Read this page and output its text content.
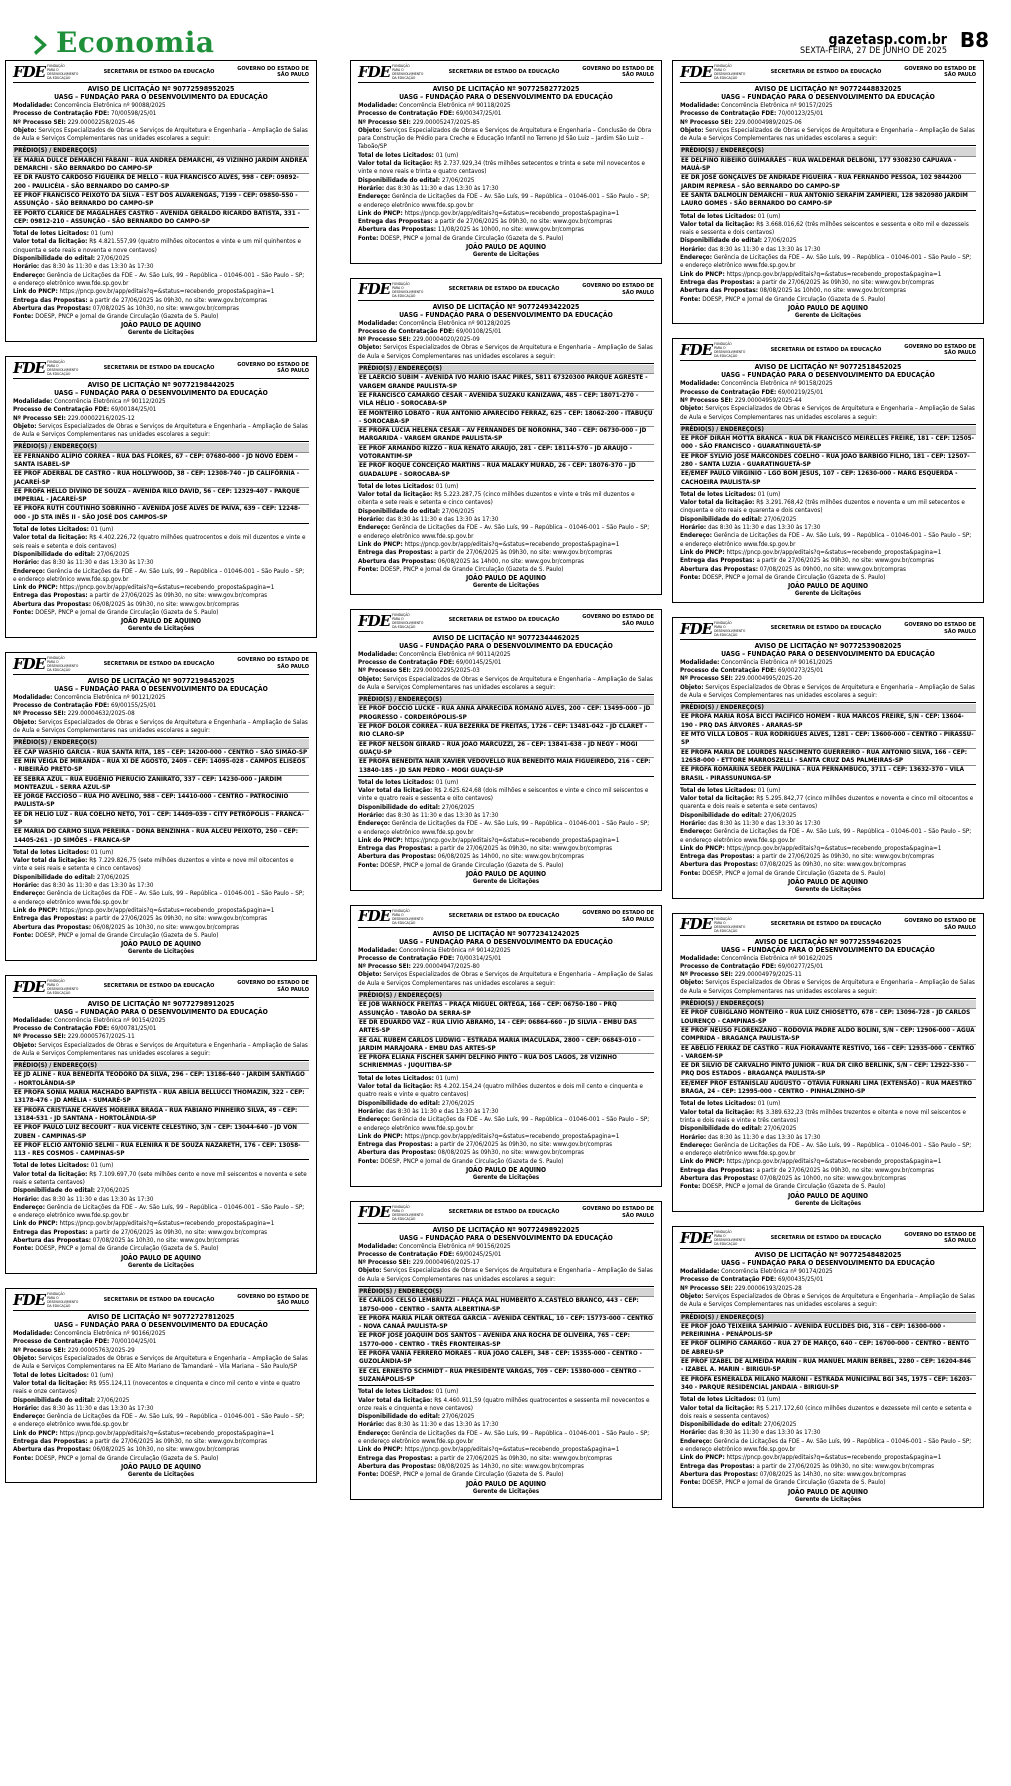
Economia	gazetasp.com.br
SEXTA-FEIRA, 27 DE JUNHO DE 2025 B8
FDE FUNDAÇÃO PARA O DESENVOLVIMENTO DA EDUCAÇÃO
SECRETARIA DE ESTADO DA EDUCAÇÃO
GOVERNO DO ESTADO DE SÃO PAULO
AVISO DE LICITAÇÃO Nº 90772598952025
UASG – FUNDAÇÃO PARA O DESENVOLVIMENTO DA EDUCAÇÃO
Modalidade: Concorrência Eletrônica nº 90088/2025
Processo de Contratação FDE: 70/00598/25/01
Nº Processo SEI: 229.00002258/2025-46
Objeto: Serviços Especializados de Obras e Serviços de Arquitetura e Engenharia – Ampliação de Salas de Aula e Serviços Complementares nas unidades escolares a seguir:
PRÉDIO(S) / ENDEREÇO(S)
EE MARIA DULCE DEMARCHI FABANI - RUA ANDREA DEMARCHI, 49 VIZINHO JARDIM ANDREA DEMARCHI - SÃO BERNARDO DO CAMPO-SP
EE DR FAUSTO CARDOSO FIGUEIRA DE MELLO - RUA FRANCISCO ALVES, 998 - CEP: 09892-200 - PAULICÉIA - SÃO BERNARDO DO CAMPO-SP
EE PROF FRANCISCO PEIXOTO DA SILVA - EST DOS ALVARENGAS, 7199 - CEP: 09850-550 - ASSUNÇÃO - SÃO BERNARDO DO CAMPO-SP
EE PORTO CLARICE DE MAGALHÃES CASTRO - AVENIDA GERALDO RICARDO BATISTA, 331 - CEP: 09812-210 - ASSUNÇÃO - SÃO BERNARDO DO CAMPO-SP
Total de lotes Licitados: 01 (um)
Valor total da licitação: R$ 4.821.557,99 (quatro milhões oitocentos e vinte e um mil quinhentos e cinquenta e sete reais e noventa e nove centavos)
Disponibilidade do edital: 27/06/2025
Horário: das 8:30 às 11:30 e das 13:30 às 17:30
Endereço: Gerência de Licitações da FDE – Av. São Luís, 99 – República – 01046-001 – São Paulo – SP; e endereço eletrônico www.fde.sp.gov.br
Link do PNCP: https://pncp.gov.br/app/editais?q=&status=recebendo_proposta&pagina=1
Entrega das Propostas: a partir de 27/06/2025 às 09h30, no site: www.gov.br/compras
Abertura das Propostas: 07/08/2025 às 10h30, no site: www.gov.br/compras
Fonte: DOESP, PNCP e Jornal de Grande Circulação (Gazeta de S. Paulo)
JOÃO PAULO DE AQUINO
Gerente de Licitações
FDE FUNDAÇÃO PARA O DESENVOLVIMENTO DA EDUCAÇÃO
SECRETARIA DE ESTADO DA EDUCAÇÃO
GOVERNO DO ESTADO DE SÃO PAULO
AVISO DE LICITAÇÃO Nº 90772198442025
UASG – FUNDAÇÃO PARA O DESENVOLVIMENTO DA EDUCAÇÃO
Modalidade: Concorrência Eletrônica nº 90112/2025
Processo de Contratação FDE: 69/00184/25/01
Nº Processo SEI: 229.00002216/2025-12
Objeto: Serviços Especializados de Obras e Serviços de Arquitetura e Engenharia – Ampliação de Salas de Aula e Serviços Complementares nas unidades escolares a seguir:
PRÉDIO(S) / ENDEREÇO(S)
EE FERNANDO ALÍPIO CORREA - RUA DAS FLORES, 67 - CEP: 07680-000 - JD NOVO ÉDEM - SANTA ISABEL-SP
EE PROF ADERBAL DE CASTRO - RUA HOLLYWOOD, 38 - CEP: 12308-740 - JD CALIFÓRNIA - JACAREÍ-SP
EE PROFA HELLO DIVINO DE SOUZA - AVENIDA RILO DAVID, 56 - CEP: 12329-407 - PARQUE IMPERIAL - JACAREÍ-SP
EE PROFA RUTH COUTINHO SOBRINHO - AVENIDA JOSÉ ALVES DE PAIVA, 639 - CEP: 12248-000 - JD STA INÊS II - SÃO JOSÉ DOS CAMPOS-SP
Total de lotes Licitados: 01 (um)
Valor total da licitação: R$ 4.402.226,72 (quatro milhões quatrocentos e dois mil duzentos e vinte e seis reais e setenta e dois centavos)
Disponibilidade do edital: 27/06/2025
Horário: das 8:30 às 11:30 e das 13:30 às 17:30
Endereço: Gerência de Licitações da FDE – Av. São Luís, 99 – República – 01046-001 – São Paulo – SP; e endereço eletrônico www.fde.sp.gov.br
Link do PNCP: https://pncp.gov.br/app/editais?q=&status=recebendo_proposta&pagina=1
Entrega das Propostas: a partir de 27/06/2025 às 09h30, no site: www.gov.br/compras
Abertura das Propostas: 06/08/2025 às 09h30, no site: www.gov.br/compras
Fonte: DOESP, PNCP e Jornal de Grande Circulação (Gazeta de S. Paulo)
JOÃO PAULO DE AQUINO
Gerente de Licitações
FDE FUNDAÇÃO PARA O DESENVOLVIMENTO DA EDUCAÇÃO
SECRETARIA DE ESTADO DA EDUCAÇÃO
GOVERNO DO ESTADO DE SÃO PAULO
AVISO DE LICITAÇÃO Nº 90772198452025
UASG – FUNDAÇÃO PARA O DESENVOLVIMENTO DA EDUCAÇÃO
Modalidade: Concorrência Eletrônica nº 90121/2025
Processo de Contratação FDE: 69/00155/25/01
Nº Processo SEI: 229.00004632/2025-08
Objeto: Serviços Especializados de Obras e Serviços de Arquitetura e Engenharia – Ampliação de Salas de Aula e Serviços Complementares nas unidades escolares a seguir:
PRÉDIO(S) / ENDEREÇO(S)
EE CAP WASHIO GARCIA - RUA SANTA RITA, 185 - CEP: 14200-000 - CENTRO - SÃO SIMÃO-SP
EE MIN VEIGA DE MIRANDA - RUA XI DE AGOSTO, 2409 - CEP: 14095-028 - CAMPOS ELISEOS - RIBEIRÃO PRETO-SP
EE SEBRA AZUL - RUA EUGÊNIO PIERUCIO ZANIRATO, 337 - CEP: 14230-000 - JARDIM MONTEAZUL - SERRA AZUL-SP
EE JORGE FACCIOSO - RUA PIO AVELINO, 988 - CEP: 14410-000 - CENTRO - PATROCÍNIO PAULISTA-SP
EE DR HELIO LUZ - RUA COELHO NETO, 701 - CEP: 14409-039 - CITY PETRÓPOLIS - FRANCA-SP
EE MARIA DO CARMO SILVA PEREIRA - DONA BENZINHA - RUA ALCEU PEIXOTO, 250 - CEP: 14405-261 - JD SIMÕES - FRANCA-SP
Total de lotes Licitados: 01 (um)
Valor total da licitação: R$ 7.229.826,75 (sete milhões duzentos e vinte e nove mil oitocentos e vinte e seis reais e setenta e cinco centavos)
Disponibilidade do edital: 27/06/2025
Horário: das 8:30 às 11:30 e das 13:30 às 17:30
Endereço: Gerência de Licitações da FDE – Av. São Luís, 99 – República – 01046-001 – São Paulo – SP; e endereço eletrônico www.fde.sp.gov.br
Link do PNCP: https://pncp.gov.br/app/editais?q=&status=recebendo_proposta&pagina=1
Entrega das Propostas: a partir de 27/06/2025 às 09h30, no site: www.gov.br/compras
Abertura das Propostas: 06/08/2025 às 10h30, no site: www.gov.br/compras
Fonte: DOESP, PNCP e Jornal de Grande Circulação (Gazeta de S. Paulo)
JOÃO PAULO DE AQUINO
Gerente de Licitações
FDE FUNDAÇÃO PARA O DESENVOLVIMENTO DA EDUCAÇÃO
SECRETARIA DE ESTADO DA EDUCAÇÃO
GOVERNO DO ESTADO DE SÃO PAULO
AVISO DE LICITAÇÃO Nº 90772798912025
UASG – FUNDAÇÃO PARA O DESENVOLVIMENTO DA EDUCAÇÃO
Modalidade: Concorrência Eletrônica nº 90154/2025
Processo de Contratação FDE: 69/00781/25/01
Nº Processo SEI: 229.00005767/2025-11
Objeto: Serviços Especializados de Obras e Serviços de Arquitetura e Engenharia – Ampliação de Salas de Aula e Serviços Complementares nas unidades escolares a seguir:
PRÉDIO(S) / ENDEREÇO(S)
EE JD ALINE - RUA BENEDITA TEODORO DA SILVA, 296 - CEP: 13186-640 - JARDIM SANTIAGO - HORTOLÂNDIA-SP
EE PROFA SONIA MARIA MACHADO BAPTISTA - RUA ABÍLIA BELLUCCI THOMAZIN, 322 - CEP: 13178-476 - JD AMÉLIA - SUMARÉ-SP
EE PROFA CRISTIANE CHAVES MOREIRA BRAGA - RUA FABIANO PINHEIRO SILVA, 49 - CEP: 13184-531 - JD SANTANA - HORTOLÂNDIA-SP
EE PROF PAULO LUIZ BECOURT - RUA VICENTE CELESTINO, 3/N - CEP: 13044-640 - JD VON ZUBEN - CAMPINAS-SP
EE PROF ELCIO ANTONIO SELMI - RUA ELENIRA R DE SOUZA NAZARETH, 176 - CEP: 13058-113 - RES COSMOS - CAMPINAS-SP
Total de lotes Licitados: 01 (um)
Valor total da licitação: R$ 7.109.697,70 (sete milhões cento e nove mil seiscentos e noventa e sete reais e setenta centavos)
Disponibilidade do edital: 27/06/2025
Horário: das 8:30 às 11:30 e das 13:30 às 17:30
Endereço: Gerência de Licitações da FDE – Av. São Luís, 99 – República – 01046-001 – São Paulo – SP; e endereço eletrônico www.fde.sp.gov.br
Link do PNCP: https://pncp.gov.br/app/editais?q=&status=recebendo_proposta&pagina=1
Entrega das Propostas: a partir de 27/06/2025 às 09h30, no site: www.gov.br/compras
Abertura das Propostas: 07/08/2025 às 10h30, no site: www.gov.br/compras
Fonte: DOESP, PNCP e Jornal de Grande Circulação (Gazeta de S. Paulo)
JOÃO PAULO DE AQUINO
Gerente de Licitações
FDE FUNDAÇÃO PARA O DESENVOLVIMENTO DA EDUCAÇÃO
SECRETARIA DE ESTADO DA EDUCAÇÃO
GOVERNO DO ESTADO DE SÃO PAULO
AVISO DE LICITAÇÃO Nº 90772727812025
UASG – FUNDAÇÃO PARA O DESENVOLVIMENTO DA EDUCAÇÃO
Modalidade: Concorrência Eletrônica nº 90166/2025
Processo de Contratação FDE: 70/00104/25/01
Nº Processo SEI: 229.00005763/2025-29
Objeto: Serviços Especializados de Obras e Serviços de Arquitetura e Engenharia – Ampliação de Salas de Aula e Serviços Complementares na EE Alto Mariano de Tamandaré – Vila Mariana – São Paulo/SP
Total de lotes Licitados: 01 (um)
Valor total da licitação: R$ 955.124,11 (novecentos e cinquenta e cinco mil cento e vinte e quatro reais e onze centavos)
Disponibilidade do edital: 27/06/2025
Horário: das 8:30 às 11:30 e das 13:30 às 17:30
Endereço: Gerência de Licitações da FDE – Av. São Luís, 99 – República – 01046-001 – São Paulo – SP; e endereço eletrônico www.fde.sp.gov.br
Link do PNCP: https://pncp.gov.br/app/editais?q=&status=recebendo_proposta&pagina=1
Entrega das Propostas: a partir de 27/06/2025 às 09h30, no site: www.gov.br/compras
Abertura das Propostas: 06/08/2025 às 10h30, no site: www.gov.br/compras
Fonte: DOESP, PNCP e Jornal de Grande Circulação (Gazeta de S. Paulo)
JOÃO PAULO DE AQUINO
Gerente de Licitações
FDE FUNDAÇÃO PARA O DESENVOLVIMENTO DA EDUCAÇÃO
SECRETARIA DE ESTADO DA EDUCAÇÃO
GOVERNO DO ESTADO DE SÃO PAULO
AVISO DE LICITAÇÃO Nº 90772582772025
UASG – FUNDAÇÃO PARA O DESENVOLVIMENTO DA EDUCAÇÃO
Modalidade: Concorrência Eletrônica nº 90118/2025
Processo de Contratação FDE: 69/00347/25/01
Nº Processo SEI: 229.00005247/2025-85
Objeto: Serviços Especializados de Obras e Serviços de Arquitetura e Engenharia – Conclusão de Obra para Construção de Prédio para Creche e Educação Infantil no Terreno Jd São Luiz – Jardim São Luiz – Taboão/SP
Total de lotes Licitados: 01 (um)
Valor total da licitação: R$ 2.737.929,34 (três milhões setecentos e trinta e sete mil novecentos e vinte e nove reais e trinta e quatro centavos)
Disponibilidade do edital: 27/06/2025
Horário: das 8:30 às 11:30 e das 13:30 às 17:30
Endereço: Gerência de Licitações da FDE – Av. São Luís, 99 – República – 01046-001 – São Paulo – SP; e endereço eletrônico www.fde.sp.gov.br
Link do PNCP: https://pncp.gov.br/app/editais?q=&status=recebendo_proposta&pagina=1
Entrega das Propostas: a partir de 27/06/2025 às 09h30, no site: www.gov.br/compras
Abertura das Propostas: 11/08/2025 às 10h00, no site: www.gov.br/compras
Fonte: DOESP, PNCP e Jornal de Grande Circulação (Gazeta de S. Paulo)
JOÃO PAULO DE AQUINO
Gerente de Licitações
FDE FUNDAÇÃO PARA O DESENVOLVIMENTO DA EDUCAÇÃO
SECRETARIA DE ESTADO DA EDUCAÇÃO
GOVERNO DO ESTADO DE SÃO PAULO
AVISO DE LICITAÇÃO Nº 90772493422025
UASG – FUNDAÇÃO PARA O DESENVOLVIMENTO DA EDUCAÇÃO
Modalidade: Concorrência Eletrônica nº 90128/2025
Processo de Contratação FDE: 69/00108/25/01
Nº Processo SEI: 229.00004020/2025-09
Objeto: Serviços Especializados de Obras e Serviços de Arquitetura e Engenharia – Ampliação de Salas de Aula e Serviços Complementares nas unidades escolares a seguir:
PRÉDIO(S) / ENDEREÇO(S)
EE LAERCIO SUBIM - AVENIDA IVO MARIO ISAAC PIRES, 5811 67320300 PARQUE AGRESTE - VARGEM GRANDE PAULISTA-SP
EE FRANCISCO CAMARGO CESAR - AVENIDA SUZAKU KANIZAWA, 485 - CEP: 18071-270 - VILA HÉLIO - SOROCABA-SP
EE MONTEIRO LOBATO - RUA ANTONIO APARECIDO FERRAZ, 625 - CEP: 18062-200 - ITABUÇU - SOROCABA-SP
EE PROFA LUCIA HELENA CESAR - AV FERNANDES DE NORONHA, 340 - CEP: 06730-000 - JD MARGARIDA - VARGEM GRANDE PAULISTA-SP
EE PROF ARMANDO RIZZO - RUA RENATO ARAÚJO, 281 - CEP: 18114-570 - JD ARAUJO - VOTORANTIM-SP
EE PROF ROQUE CONCEIÇÃO MARTINS - RUA MALAKY MURAD, 26 - CEP: 18076-370 - JD GUADALUPE - SOROCABA-SP
Total de lotes Licitados: 01 (um)
Valor total da licitação: R$ 5.223.287,75 (cinco milhões duzentos e vinte e três mil duzentos e oitenta e sete reais e setenta e cinco centavos)
Disponibilidade do edital: 27/06/2025
Horário: das 8:30 às 11:30 e das 13:30 às 17:30
Endereço: Gerência de Licitações da FDE – Av. São Luís, 99 – República – 01046-001 – São Paulo – SP; e endereço eletrônico www.fde.sp.gov.br
Link do PNCP: https://pncp.gov.br/app/editais?q=&status=recebendo_proposta&pagina=1
Entrega das Propostas: a partir de 27/06/2025 às 09h30, no site: www.gov.br/compras
Abertura das Propostas: 06/08/2025 às 14h00, no site: www.gov.br/compras
Fonte: DOESP, PNCP e Jornal de Grande Circulação (Gazeta de S. Paulo)
JOÃO PAULO DE AQUINO
Gerente de Licitações
FDE FUNDAÇÃO PARA O DESENVOLVIMENTO DA EDUCAÇÃO
SECRETARIA DE ESTADO DA EDUCAÇÃO
GOVERNO DO ESTADO DE SÃO PAULO
AVISO DE LICITAÇÃO Nº 90772344462025
UASG – FUNDAÇÃO PARA O DESENVOLVIMENTO DA EDUCAÇÃO
Modalidade: Concorrência Eletrônica nº 90114/2025
Processo de Contratação FDE: 69/00145/25/01
Nº Processo SEI: 229.00002295/2025-03
Objeto: Serviços Especializados de Obras e Serviços de Arquitetura e Engenharia – Ampliação de Salas de Aula e Serviços Complementares nas unidades escolares a seguir:
PRÉDIO(S) / ENDEREÇO(S)
EE PROF DOCCIO LUCKE - RUA ANNA APARECIDA ROMANO ALVES, 200 - CEP: 13499-000 - JD PROGRESSO - CORDEIRÓPOLIS-SP
EE PROF DOLOR CORRÊA - RUA BEZERRA DE FREITAS, 1726 - CEP: 13481-042 - JD CLARET - RIO CLARO-SP
EE PROF NELSON GIRARD - RUA JOAO MARCUZZI, 26 - CEP: 13841-638 - JD NEGY - MOGI GUAÇU-SP
EE PROFA BENEDITA NAIR XAVIER VEDOVELLO RUA BENEDITO MAIA FIGUEIREDO, 216 - CEP: 13840-185 - JD SAN PEDRO - MOGI GUAÇU-SP
Total de lotes Licitados: 01 (um)
Valor total da licitação: R$ 2.625.624,68 (dois milhões e seiscentos e vinte e cinco mil seiscentos e vinte e quatro reais e sessenta e oito centavos)
Disponibilidade do edital: 27/06/2025
Horário: das 8:30 às 11:30 e das 13:30 às 17:30
Endereço: Gerência de Licitações da FDE – Av. São Luís, 99 – República – 01046-001 – São Paulo – SP; e endereço eletrônico www.fde.sp.gov.br
Link do PNCP: https://pncp.gov.br/app/editais?q=&status=recebendo_proposta&pagina=1
Entrega das Propostas: a partir de 27/06/2025 às 09h30, no site: www.gov.br/compras
Abertura das Propostas: 06/08/2025 às 14h00, no site: www.gov.br/compras
Fonte: DOESP, PNCP e Jornal de Grande Circulação (Gazeta de S. Paulo)
JOÃO PAULO DE AQUINO
Gerente de Licitações
FDE FUNDAÇÃO PARA O DESENVOLVIMENTO DA EDUCAÇÃO
SECRETARIA DE ESTADO DA EDUCAÇÃO
GOVERNO DO ESTADO DE SÃO PAULO
AVISO DE LICITAÇÃO Nº 90772341242025
UASG – FUNDAÇÃO PARA O DESENVOLVIMENTO DA EDUCAÇÃO
Modalidade: Concorrência Eletrônica nº 90142/2025
Processo de Contratação FDE: 70/00314/25/01
Nº Processo SEI: 229.00004947/2025-80
Objeto: Serviços Especializados de Obras e Serviços de Arquitetura e Engenharia – Ampliação de Salas de Aula e Serviços Complementares nas unidades escolares a seguir:
PRÉDIO(S) / ENDEREÇO(S)
EE JOB WARNOCK FREITAS - PRAÇA MIGUEL ORTEGA, 166 - CEP: 06750-180 - PRQ ASSUNÇÃO - TABOÃO DA SERRA-SP
EE DR EDUARDO VAZ - RUA LÍVIO ABRAMO, 14 - CEP: 06864-660 - JD SILVIA - EMBU DAS ARTES-SP
EE GAL RUBEM CARLOS LUDWIG - ESTRADA MARIA IMACULADA, 2800 - CEP: 06843-010 - JARDIM MARAJOARA - EMBU DAS ARTES-SP
EE PROFA ELIANA FISCHER SAMPI DELFINO PINTO - RUA DOS LAGOS, 28 VIZINHO SCHRIEMMAS - JUQUITIBA-SP
Total de lotes Licitados: 01 (um)
Valor total da licitação: R$ 4.202.154,24 (quatro milhões duzentos e dois mil cento e cinquenta e quatro reais e vinte e quatro centavos)
Disponibilidade do edital: 27/06/2025
Horário: das 8:30 às 11:30 e das 13:30 às 17:30
Endereço: Gerência de Licitações da FDE – Av. São Luís, 99 – República – 01046-001 – São Paulo – SP; e endereço eletrônico www.fde.sp.gov.br
Link do PNCP: https://pncp.gov.br/app/editais?q=&status=recebendo_proposta&pagina=1
Entrega das Propostas: a partir de 27/06/2025 às 09h30, no site: www.gov.br/compras
Abertura das Propostas: 08/08/2025 às 09h30, no site: www.gov.br/compras
Fonte: DOESP, PNCP e Jornal de Grande Circulação (Gazeta de S. Paulo)
JOÃO PAULO DE AQUINO
Gerente de Licitações
FDE FUNDAÇÃO PARA O DESENVOLVIMENTO DA EDUCAÇÃO
SECRETARIA DE ESTADO DA EDUCAÇÃO
GOVERNO DO ESTADO DE SÃO PAULO
AVISO DE LICITAÇÃO Nº 90772498922025
UASG – FUNDAÇÃO PARA O DESENVOLVIMENTO DA EDUCAÇÃO
Modalidade: Concorrência Eletrônica nº 90156/2025
Processo de Contratação FDE: 69/00245/25/01
Nº Processo SEI: 229.00004960/2025-17
Objeto: Serviços Especializados de Obras e Serviços de Arquitetura e Engenharia – Ampliação de Salas de Aula e Serviços Complementares nas unidades escolares a seguir:
PRÉDIO(S) / ENDEREÇO(S)
EE CARLOS CELSO LEMBRUZZI - PRAÇA MAL HUMBERTO A.CASTELO BRANCO, 443 - CEP: 18750-000 - CENTRO - SANTA ALBERTINA-SP
EE PROFA MARIA PILAR ORTEGA GARCIA - AVENIDA CENTRAL, 10 - CEP: 15773-000 - CENTRO - NOVA CANAÃ PAULISTA-SP
EE PROF JOSÉ JOAQUIM DOS SANTOS - AVENIDA ANA ROCHA DE OLIVEIRA, 765 - CEP: 15770-000 - CENTRO - TRÊS FRONTEIRAS-SP
EE PROFA VANIA FERRERO MORAES - RUA JOAO CALEFI, 348 - CEP: 15355-000 - CENTRO - GUZOLÂNDIA-SP
EE CEL ERNESTO SCHMIDT - RUA PRESIDENTE VARGAS, 709 - CEP: 15380-000 - CENTRO - SUZANÁPOLIS-SP
Total de lotes Licitados: 01 (um)
Valor total da licitação: R$ 4.460.911,59 (quatro milhões quatrocentos e sessenta mil novecentos e onze reais e cinquenta e nove centavos)
Disponibilidade do edital: 27/06/2025
Horário: das 8:30 às 11:30 e das 13:30 às 17:30
Endereço: Gerência de Licitações da FDE – Av. São Luís, 99 – República – 01046-001 – São Paulo – SP; e endereço eletrônico www.fde.sp.gov.br
Link do PNCP: https://pncp.gov.br/app/editais?q=&status=recebendo_proposta&pagina=1
Entrega das Propostas: a partir de 27/06/2025 às 09h30, no site: www.gov.br/compras
Abertura das Propostas: 08/08/2025 às 14h30, no site: www.gov.br/compras
Fonte: DOESP, PNCP e Jornal de Grande Circulação (Gazeta de S. Paulo)
JOÃO PAULO DE AQUINO
Gerente de Licitações
FDE FUNDAÇÃO PARA O DESENVOLVIMENTO DA EDUCAÇÃO
SECRETARIA DE ESTADO DA EDUCAÇÃO
GOVERNO DO ESTADO DE SÃO PAULO
AVISO DE LICITAÇÃO Nº 90772448832025
UASG – FUNDAÇÃO PARA O DESENVOLVIMENTO DA EDUCAÇÃO
Modalidade: Concorrência Eletrônica nº 90157/2025
Processo de Contratação FDE: 70/00123/25/01
Nº Processo SEI: 229.00004989/2025-06
Objeto: Serviços Especializados de Obras e Serviços de Arquitetura e Engenharia – Ampliação de Salas de Aula e Serviços Complementares nas unidades escolares a seguir:
PRÉDIO(S) / ENDEREÇO(S)
EE DELFINO RIBEIRO GUIMARÃES - RUA WALDEMAR DELBONI, 177 9308230 CAPUAVA - MAUÁ-SP
EE DR JOSÉ GONÇALVES DE ANDRADE FIGUEIRA - RUA FERNANDO PESSOA, 102 9844200 JARDIM REPRESA - SÃO BERNARDO DO CAMPO-SP
EE SANTA DALMOLIN DEMARCHI - RUA ANTONIO SERAFIM ZAMPIERI, 128 9820980 JARDIM LAURO GOMES - SÃO BERNARDO DO CAMPO-SP
Total de lotes Licitados: 01 (um)
Valor total da licitação: R$ 3.668.016,62 (três milhões seiscentos e sessenta e oito mil e dezesseis reais e sessenta e dois centavos)
Disponibilidade do edital: 27/06/2025
Horário: das 8:30 às 11:30 e das 13:30 às 17:30
Endereço: Gerência de Licitações da FDE – Av. São Luís, 99 – República – 01046-001 – São Paulo – SP; e endereço eletrônico www.fde.sp.gov.br
Link do PNCP: https://pncp.gov.br/app/editais?q=&status=recebendo_proposta&pagina=1
Entrega das Propostas: a partir de 27/06/2025 às 09h30, no site: www.gov.br/compras
Abertura das Propostas: 08/08/2025 às 10h00, no site: www.gov.br/compras
Fonte: DOESP, PNCP e Jornal de Grande Circulação (Gazeta de S. Paulo)
JOÃO PAULO DE AQUINO
Gerente de Licitações
FDE FUNDAÇÃO PARA O DESENVOLVIMENTO DA EDUCAÇÃO
SECRETARIA DE ESTADO DA EDUCAÇÃO
GOVERNO DO ESTADO DE SÃO PAULO
AVISO DE LICITAÇÃO Nº 90772518452025
UASG – FUNDAÇÃO PARA O DESENVOLVIMENTO DA EDUCAÇÃO
Modalidade: Concorrência Eletrônica nº 90158/2025
Processo de Contratação FDE: 69/00219/25/01
Nº Processo SEI: 229.00004959/2025-44
Objeto: Serviços Especializados de Obras e Serviços de Arquitetura e Engenharia – Ampliação de Salas de Aula e Serviços Complementares nas unidades escolares a seguir:
PRÉDIO(S) / ENDEREÇO(S)
EE PROF DIRAH MOTTA BRANCA - RUA DR FRANCISCO MEIRELLES FREIRE, 181 - CEP: 12505-000 - SÃO FRANCISCO - GUARATINGUETÁ-SP
EE PROF SYLVIO JOSÉ MARCONDES COELHO - RUA JOAO BARBIGO FILHO, 181 - CEP: 12507-280 - SANTA LUZIA - GUARATINGUETÁ-SP
EE/EMEF PAULO VIRGINIO - LGO BOM JESUS, 107 - CEP: 12630-000 - MARG ESQUERDA - CACHOEIRA PAULISTA-SP
Total de lotes Licitados: 01 (um)
Valor total da licitação: R$ 3.291.768,42 (três milhões duzentos e noventa e um mil setecentos e cinquenta e oito reais e quarenta e dois centavos)
Disponibilidade do edital: 27/06/2025
Horário: das 8:30 às 11:30 e das 13:30 às 17:30
Endereço: Gerência de Licitações da FDE – Av. São Luís, 99 – República – 01046-001 – São Paulo – SP; e endereço eletrônico www.fde.sp.gov.br
Link do PNCP: https://pncp.gov.br/app/editais?q=&status=recebendo_proposta&pagina=1
Entrega das Propostas: a partir de 27/06/2025 às 09h30, no site: www.gov.br/compras
Abertura das Propostas: 07/08/2025 às 09h00, no site: www.gov.br/compras
Fonte: DOESP, PNCP e Jornal de Grande Circulação (Gazeta de S. Paulo)
JOÃO PAULO DE AQUINO
Gerente de Licitações
FDE FUNDAÇÃO PARA O DESENVOLVIMENTO DA EDUCAÇÃO
SECRETARIA DE ESTADO DA EDUCAÇÃO
GOVERNO DO ESTADO DE SÃO PAULO
AVISO DE LICITAÇÃO Nº 90772539082025
UASG – FUNDAÇÃO PARA O DESENVOLVIMENTO DA EDUCAÇÃO
Modalidade: Concorrência Eletrônica nº 90161/2025
Processo de Contratação FDE: 69/00273/25/01
Nº Processo SEI: 229.00004995/2025-20
Objeto: Serviços Especializados de Obras e Serviços de Arquitetura e Engenharia – Ampliação de Salas de Aula e Serviços Complementares nas unidades escolares a seguir:
PRÉDIO(S) / ENDEREÇO(S)
EE PROFA MARIA ROSA BICCI PACIFICO HOMEM - RUA MARCOS FREIRE, S/N - CEP: 13604-190 - PRQ DAS ÁRVORES - ARARAS-SP
EE MTO VILLA LOBOS - RUA RODRIGUES ALVES, 1281 - CEP: 13600-000 - CENTRO - PIRASSU-SP
EE PROFA MARIA DE LOURDES NASCIMENTO GUERREIRO - RUA ANTONIO SILVA, 166 - CEP: 12658-000 - ETTORE MARROSZELLI - SANTA CRUZ DAS PALMEIRAS-SP
EE PROFA ROMARINA SEDER PAULINA - RUA PERNAMBUCO, 3711 - CEP: 13632-370 - VILA BRASIL - PIRASSUNUNGA-SP
Total de lotes Licitados: 01 (um)
Valor total da licitação: R$ 5.295.842,77 (cinco milhões duzentos e noventa e cinco mil oitocentos e quarenta e dois reais e setenta e sete centavos)
Disponibilidade do edital: 27/06/2025
Horário: das 8:30 às 11:30 e das 13:30 às 17:30
Endereço: Gerência de Licitações da FDE – Av. São Luís, 99 – República – 01046-001 – São Paulo – SP; e endereço eletrônico www.fde.sp.gov.br
Link do PNCP: https://pncp.gov.br/app/editais?q=&status=recebendo_proposta&pagina=1
Entrega das Propostas: a partir de 27/06/2025 às 09h30, no site: www.gov.br/compras
Abertura das Propostas: 07/08/2025 às 09h30, no site: www.gov.br/compras
Fonte: DOESP, PNCP e Jornal de Grande Circulação (Gazeta de S. Paulo)
JOÃO PAULO DE AQUINO
Gerente de Licitações
FDE FUNDAÇÃO PARA O DESENVOLVIMENTO DA EDUCAÇÃO
SECRETARIA DE ESTADO DA EDUCAÇÃO
GOVERNO DO ESTADO DE SÃO PAULO
AVISO DE LICITAÇÃO Nº 90772559462025
UASG – FUNDAÇÃO PARA O DESENVOLVIMENTO DA EDUCAÇÃO
Modalidade: Concorrência Eletrônica nº 90162/2025
Processo de Contratação FDE: 69/00277/25/01
Nº Processo SEI: 229.00004979/2025-11
Objeto: Serviços Especializados de Obras e Serviços de Arquitetura e Engenharia – Ampliação de Salas de Aula e Serviços Complementares nas unidades escolares a seguir:
PRÉDIO(S) / ENDEREÇO(S)
EE PROF CUBIGLANO MONTEIRO - RUA LUIZ CHIOSETTO, 678 - CEP: 13096-728 - JD CARLOS LOURENÇO - CAMPINAS-SP
EE PROF NEUSO FLORENZANO - RODOVIA PADRE ALDO BOLINI, S/N - CEP: 12906-000 - ÁGUA COMPRIDA - BRAGANÇA PAULISTA-SP
EE ABÉLIO FERRAZ DE CASTRO - RUA FIORAVANTE RESTIVO, 166 - CEP: 12935-000 - CENTRO - VARGEM-SP
EE DR SILVIO DE CARVALHO PINTO JUNIOR - RUA DR CIRO BERLINK, S/N - CEP: 12922-330 - PRQ DOS ESTADOS - BRAGANÇA PAULISTA-SP
EE/EMEF PROF ESTANISLAU AUGUSTO - OTÁVIA FURNARI LIMA (EXTENSÃO) - RUA MAESTRO BRAGA, 24 - CEP: 12995-000 - CENTRO - PINHALZINHO-SP
Total de lotes Licitados: 01 (um)
Valor total da licitação: R$ 3.389.632,23 (três milhões trezentos e oitenta e nove mil seiscentos e trinta e dois reais e vinte e três centavos)
Disponibilidade do edital: 27/06/2025
Horário: das 8:30 às 11:30 e das 13:30 às 17:30
Endereço: Gerência de Licitações da FDE – Av. São Luís, 99 – República – 01046-001 – São Paulo – SP; e endereço eletrônico www.fde.sp.gov.br
Link do PNCP: https://pncp.gov.br/app/editais?q=&status=recebendo_proposta&pagina=1
Entrega das Propostas: a partir de 27/06/2025 às 09h30, no site: www.gov.br/compras
Abertura das Propostas: 07/08/2025 às 10h00, no site: www.gov.br/compras
Fonte: DOESP, PNCP e Jornal de Grande Circulação (Gazeta de S. Paulo)
JOÃO PAULO DE AQUINO
Gerente de Licitações
FDE FUNDAÇÃO PARA O DESENVOLVIMENTO DA EDUCAÇÃO
SECRETARIA DE ESTADO DA EDUCAÇÃO
GOVERNO DO ESTADO DE SÃO PAULO
AVISO DE LICITAÇÃO Nº 90772548482025
UASG – FUNDAÇÃO PARA O DESENVOLVIMENTO DA EDUCAÇÃO
Modalidade: Concorrência Eletrônica nº 90174/2025
Processo de Contratação FDE: 69/00435/25/01
Nº Processo SEI: 229.00006193/2025-28
Objeto: Serviços Especializados de Obras e Serviços de Arquitetura e Engenharia – Ampliação de Salas de Aula e Serviços Complementares nas unidades escolares a seguir:
PRÉDIO(S) / ENDEREÇO(S)
EE PROF JOAO TEIXEIRA SAMPAIO - AVENIDA EUCLIDES DIG, 316 - CEP: 16300-000 - PEREIRINHA - PENÁPOLIS-SP
EE PROF OLIMPIO CAMARGO - RUA 27 DE MARÇO, 640 - CEP: 16700-000 - CENTRO - BENTO DE ABREU-SP
EE PROF IZABEL DE ALMEIDA MARIN - RUA MANUEL MARIN BERBEL, 2280 - CEP: 16204-846 - IZABEL A. MARIN - BIRIGUI-SP
EE PROFA ESMERALDA MILANO MARONI - ESTRADA MUNICIPAL BGI 345, 1975 - CEP: 16203-340 - PARQUE RESIDENCIAL JANDAIA - BIRIGUI-SP
Total de lotes Licitados: 01 (um)
Valor total da licitação: R$ 5.217.172,60 (cinco milhões duzentos e dezessete mil cento e setenta e dois reais e sessenta centavos)
Disponibilidade do edital: 27/06/2025
Horário: das 8:30 às 11:30 e das 13:30 às 17:30
Endereço: Gerência de Licitações da FDE – Av. São Luís, 99 – República – 01046-001 – São Paulo – SP; e endereço eletrônico www.fde.sp.gov.br
Link do PNCP: https://pncp.gov.br/app/editais?q=&status=recebendo_proposta&pagina=1
Entrega das Propostas: a partir de 27/06/2025 às 09h30, no site: www.gov.br/compras
Abertura das Propostas: 07/08/2025 às 14h30, no site: www.gov.br/compras
Fonte: DOESP, PNCP e Jornal de Grande Circulação (Gazeta de S. Paulo)
JOÃO PAULO DE AQUINO
Gerente de Licitações
